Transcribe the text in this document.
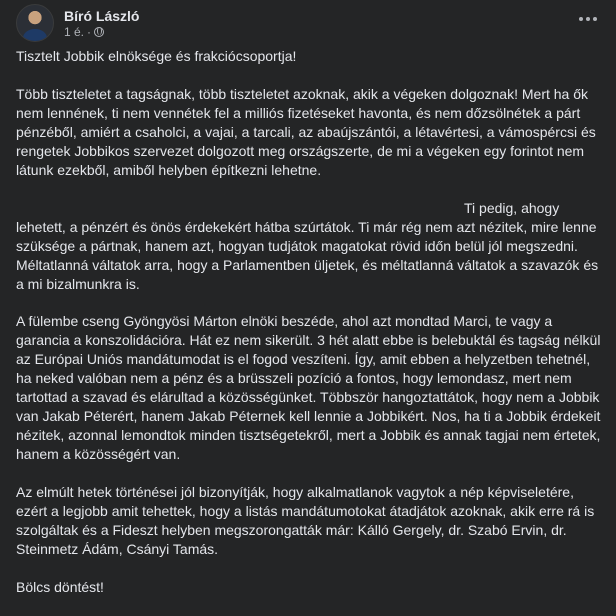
Bíró László
1 é. ·

Tisztelt Jobbik elnöksége és frakciócsoportja!

Több tiszteletet a tagságnak, több tiszteletet azoknak, akik a végeken dolgoznak! Mert ha ők nem lennének, ti nem vennétek fel a milliós fizetéseket havonta, és nem dőzsölnétek a párt pénzéből, amiért a csaholci, a vajai, a tarcali, az abaújszántói, a létavértesi, a vámospércsi és rengetek Jobbikos szervezet dolgozott meg országszerte, de mi a végeken egy forintot nem látunk ezekből, amiből helyben építkezni lehetne.

Ti pedig, ahogy
lehetett, a pénzért és önös érdekekért hátba szúrtátok. Ti már rég nem azt nézitek, mire lenne szüksége a pártnak, hanem azt, hogyan tudjátok magatokat rövid időn belül jól megszedni. Méltatlanná váltatok arra, hogy a Parlamentben üljetek, és méltatlanná váltatok a szavazók és a mi bizalmunkra is.

A fülembe cseng Gyöngyösi Márton elnöki beszéde, ahol azt mondtad Marci, te vagy a garancia a konszolidációra. Hát ez nem sikerült. 3 hét alatt ebbe is belebuktál és tagság nélkül az Európai Uniós mandátumodat is el fogod veszíteni. Így, amit ebben a helyzetben tehetnél, ha neked valóban nem a pénz és a brüsszeli pozíció a fontos, hogy lemondasz, mert nem tartottad a szavad és elárultad a közösségünket. Többször hangoztattátok, hogy nem a Jobbik van Jakab Péterért, hanem Jakab Péternek kell lennie a Jobbikért. Nos, ha ti a Jobbik érdekeit nézitek, azonnal lemondtok minden tisztségetekről, mert a Jobbik és annak tagjai nem értetek, hanem a közösségért van.

Az elmúlt hetek történései jól bizonyítják, hogy alkalmatlanok vagytok a nép képviseletére, ezért a legjobb amit tehettek, hogy a listás mandátumotokat átadjátok azoknak, akik erre rá is szolgáltak és a Fideszt helyben megszorongatták már: Kálló Gergely, dr. Szabó Ervin, dr. Steinmetz Ádám, Csányi Tamás.

Bölcs döntést!
